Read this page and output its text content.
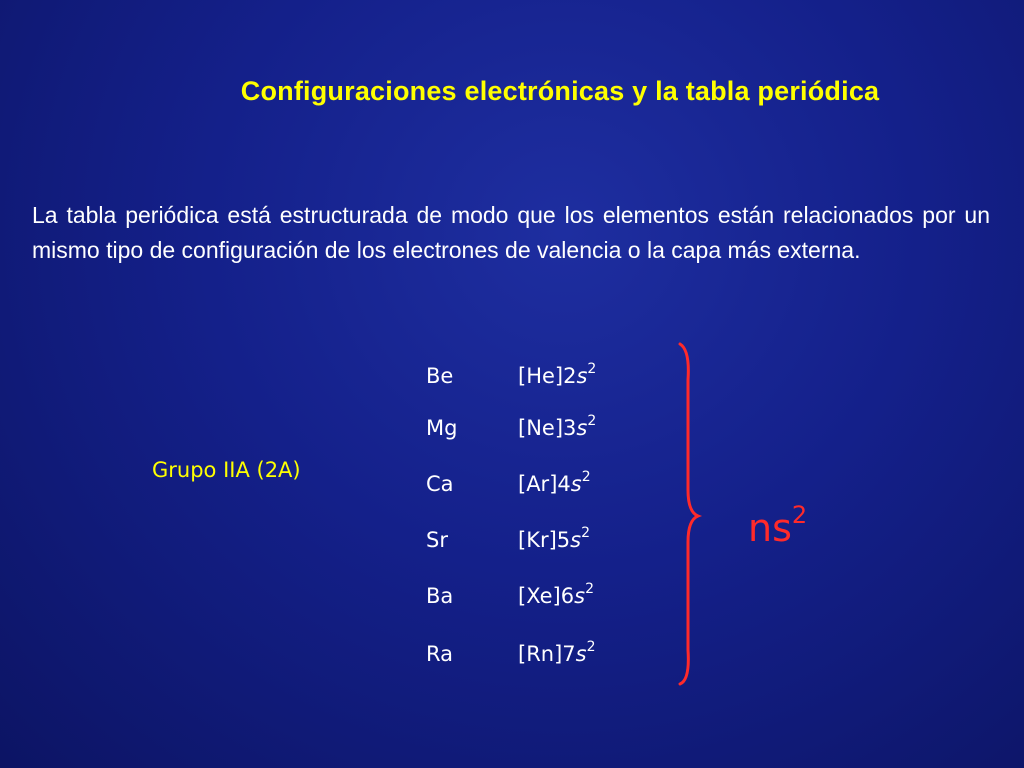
Configuraciones electrónicas y la tabla periódica
La tabla periódica está estructurada de modo que los elementos están relacionados por un mismo tipo de configuración de los electrones de valencia o la capa más externa.
Grupo IIA (2A)
Be	$[He]2s^2$
Mg	$[Ne]3s^2$
Ca	$[Ar]4s^2$
Sr	$[Kr]5s^2$
Ba	$[Xe]6s^2$
Ra	$[Rn]7s^2$
$ns^2$
